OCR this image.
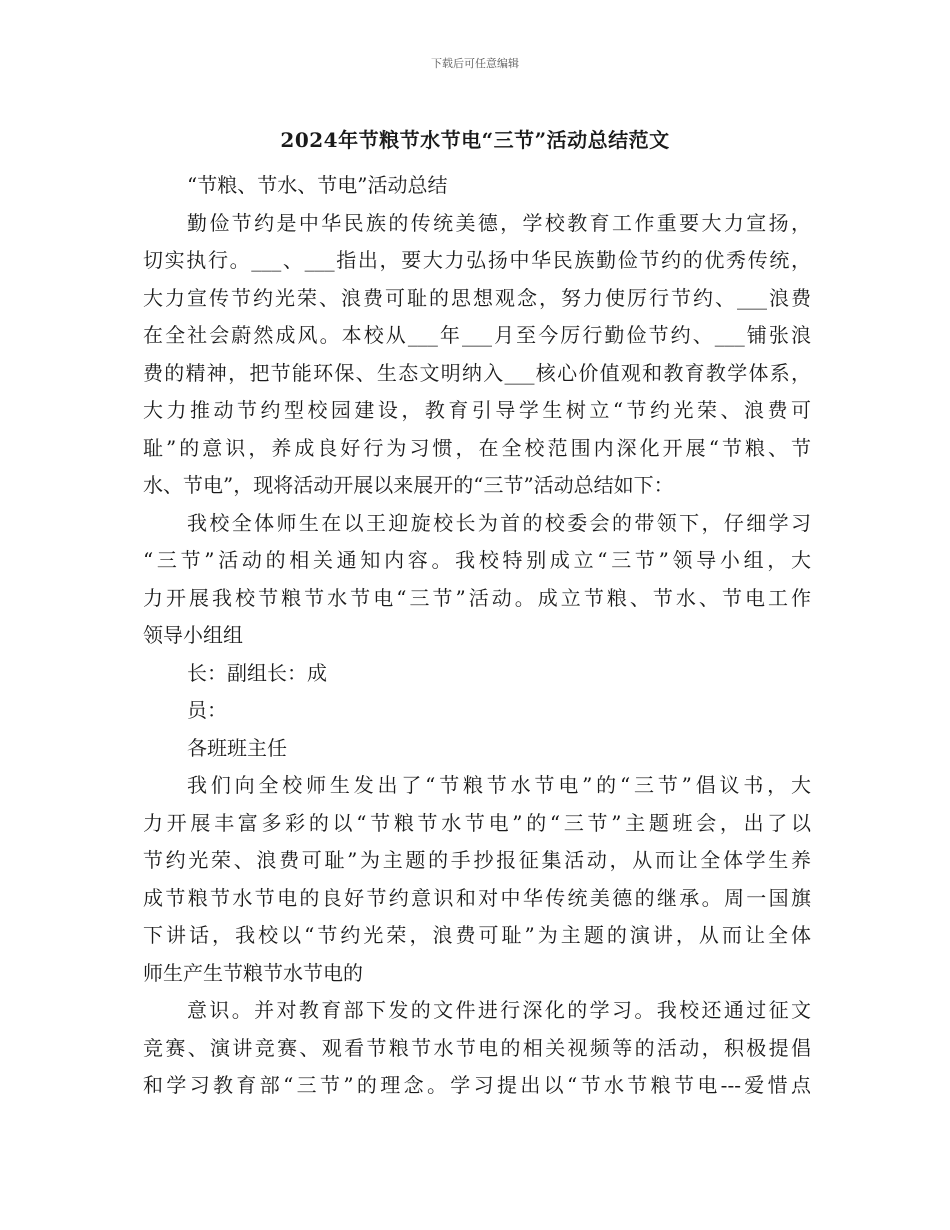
下载后可任意编辑
2024年节粮节水节电“三节”活动总结范文
“节粮、节水、节电”活动总结
勤俭节约是中华民族的传统美德，学校教育工作重要大力宣扬，
切实执行。___、___指出，要大力弘扬中华民族勤俭节约的优秀传统，
大力宣传节约光荣、浪费可耻的思想观念，努力使厉行节约、___浪费
在全社会蔚然成风。本校从___年___月至今厉行勤俭节约、___铺张浪
费的精神，把节能环保、生态文明纳入___核心价值观和教育教学体系，
大力推动节约型校园建设，教育引导学生树立“节约光荣、浪费可
耻”的意识，养成良好行为习惯，在全校范围内深化开展“节粮、节
水、节电”，现将活动开展以来展开的“三节”活动总结如下：
我校全体师生在以王迎旋校长为首的校委会的带领下，仔细学习
“三节”活动的相关通知内容。我校特别成立“三节”领导小组，大
力开展我校节粮节水节电“三节”活动。成立节粮、节水、节电工作
领导小组组
长：副组长：成
员：
各班班主任
我们向全校师生发出了“节粮节水节电”的“三节”倡议书，大
力开展丰富多彩的以“节粮节水节电”的“三节”主题班会，出了以
节约光荣、浪费可耻”为主题的手抄报征集活动，从而让全体学生养
成节粮节水节电的良好节约意识和对中华传统美德的继承。周一国旗
下讲话，我校以“节约光荣，浪费可耻”为主题的演讲，从而让全体
师生产生节粮节水节电的
意识。并对教育部下发的文件进行深化的学习。我校还通过征文
竞赛、演讲竞赛、观看节粮节水节电的相关视频等的活动，积极提倡
和学习教育部“三节”的理念。学习提出以“节水节粮节电---爱惜点
